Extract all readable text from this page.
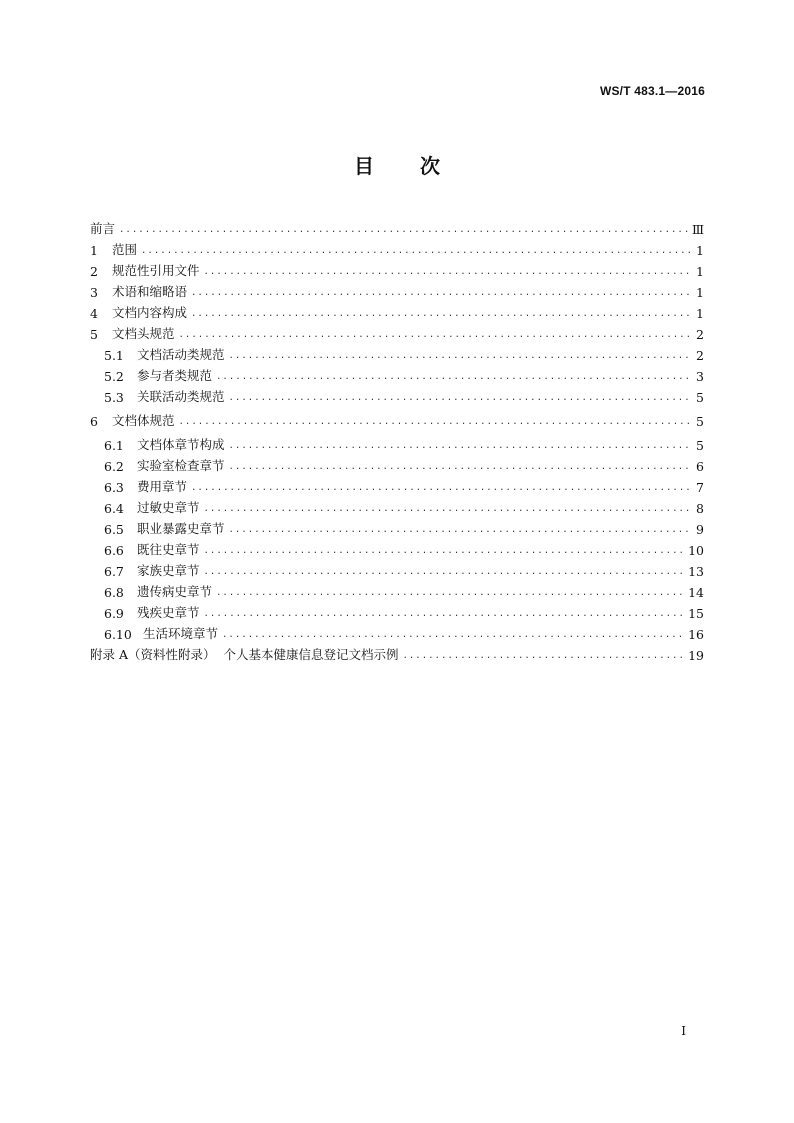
WS/T 483.1—2016
目 次
前言 .....	Ⅲ
1	范围 .....	1
2	规范性引用文件 .....	1
3	术语和缩略语 .....	1
4	文档内容构成 .....	1
5	文档头规范 .....	2
5.1	文档活动类规范 .....	2
5.2	参与者类规范 .....	3
5.3	关联活动类规范 .....	5
6	文档体规范 .....	5
6.1	文档体章节构成 .....	5
6.2	实验室检查章节 .....	6
6.3	费用章节 .....	7
6.4	过敏史章节 .....	8
6.5	职业暴露史章节 .....	9
6.6	既往史章节 .....	10
6.7	家族史章节 .....	13
6.8	遗传病史章节 .....	14
6.9	残疾史章节 .....	15
6.10 生活环境章节 .....	16
附录 A（资料性附录）  个人基本健康信息登记文档示例 .....	19
I
